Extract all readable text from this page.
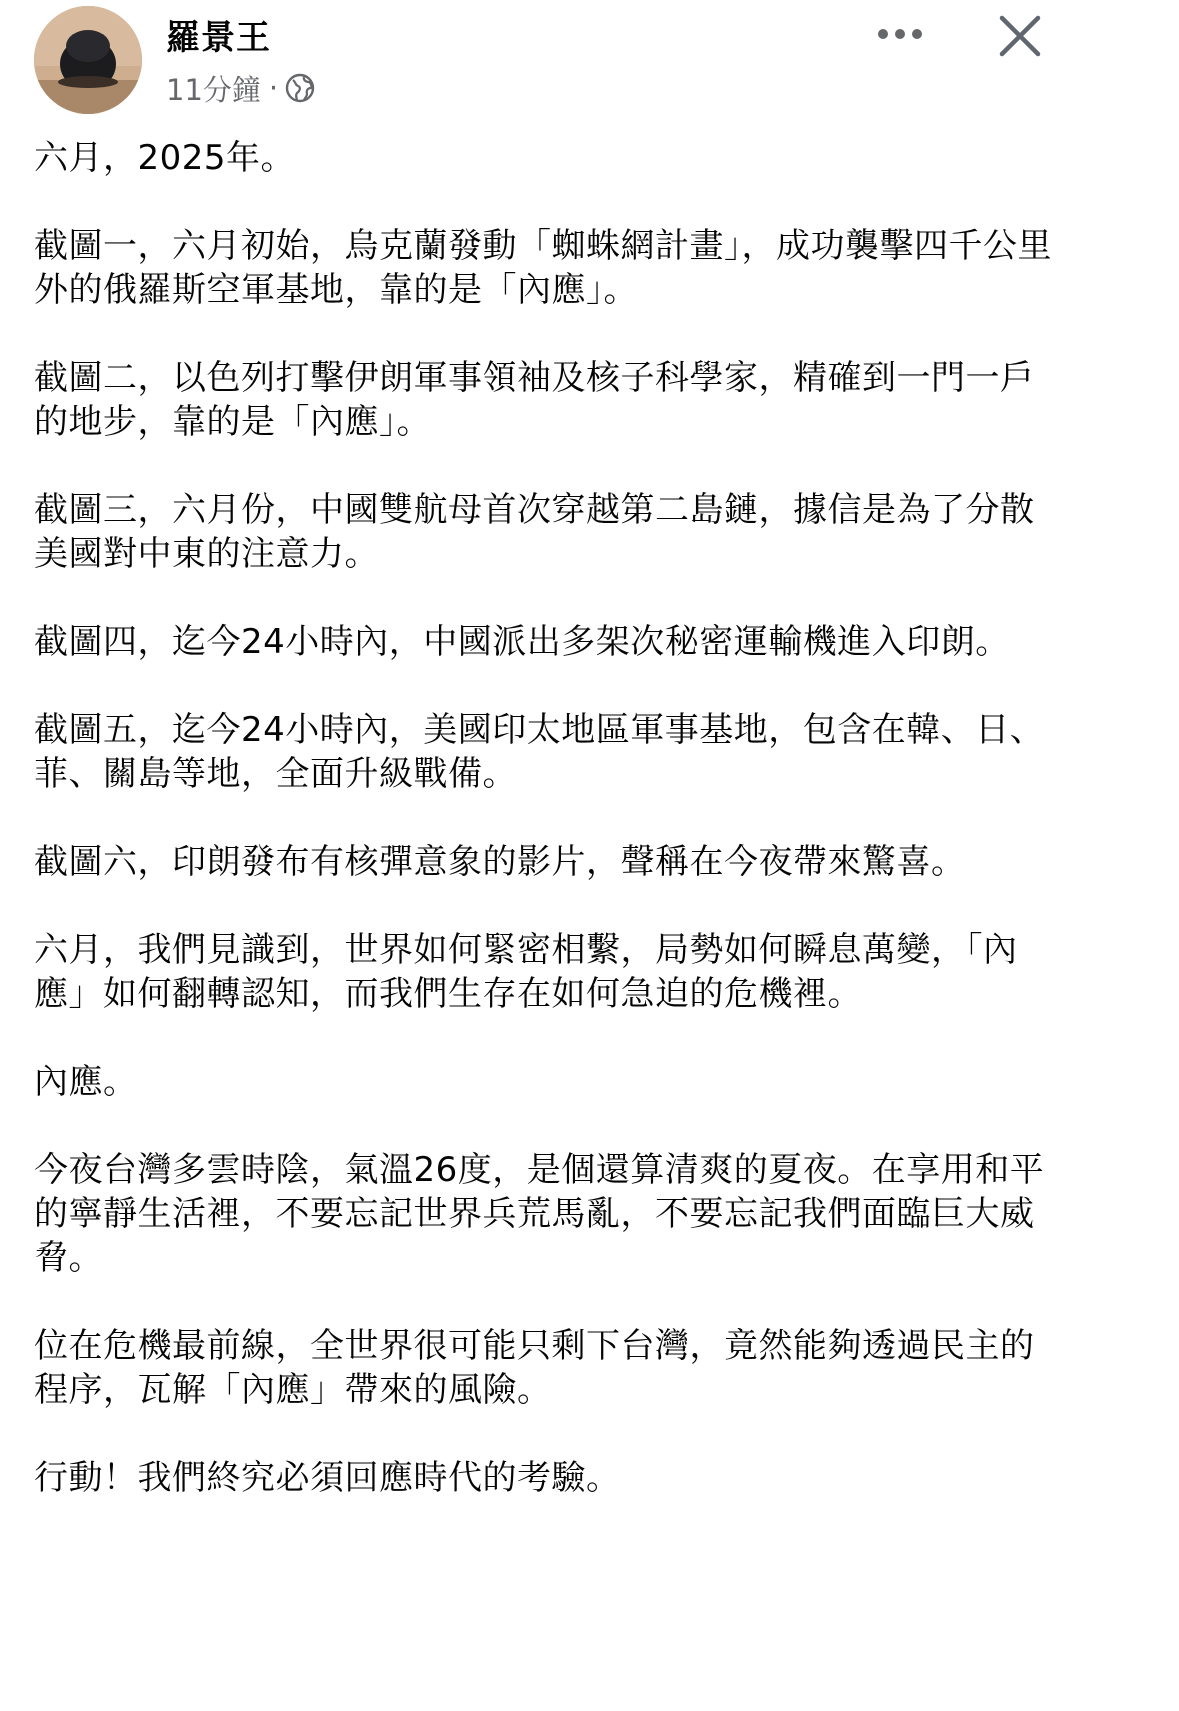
羅景王
11分鐘 ·

六月，2025年。

截圖一，六月初始，烏克蘭發動「蜘蛛網計畫」，成功襲擊四千公里外的俄羅斯空軍基地，靠的是「內應」。

截圖二，以色列打擊伊朗軍事領袖及核子科學家，精確到一門一戶的地步，靠的是「內應」。

截圖三，六月份，中國雙航母首次穿越第二島鏈，據信是為了分散美國對中東的注意力。

截圖四，迄今24小時內，中國派出多架次秘密運輸機進入印朗。

截圖五，迄今24小時內，美國印太地區軍事基地，包含在韓、日、菲、關島等地，全面升級戰備。

截圖六，印朗發布有核彈意象的影片，聲稱在今夜帶來驚喜。

六月，我們見識到，世界如何緊密相繫，局勢如何瞬息萬變，「內應」如何翻轉認知，而我們生存在如何急迫的危機裡。

內應。

今夜台灣多雲時陰，氣溫26度，是個還算清爽的夏夜。在享用和平的寧靜生活裡，不要忘記世界兵荒馬亂，不要忘記我們面臨巨大威脅。

位在危機最前線，全世界很可能只剩下台灣，竟然能夠透過民主的程序，瓦解「內應」帶來的風險。

行動！我們終究必須回應時代的考驗。
